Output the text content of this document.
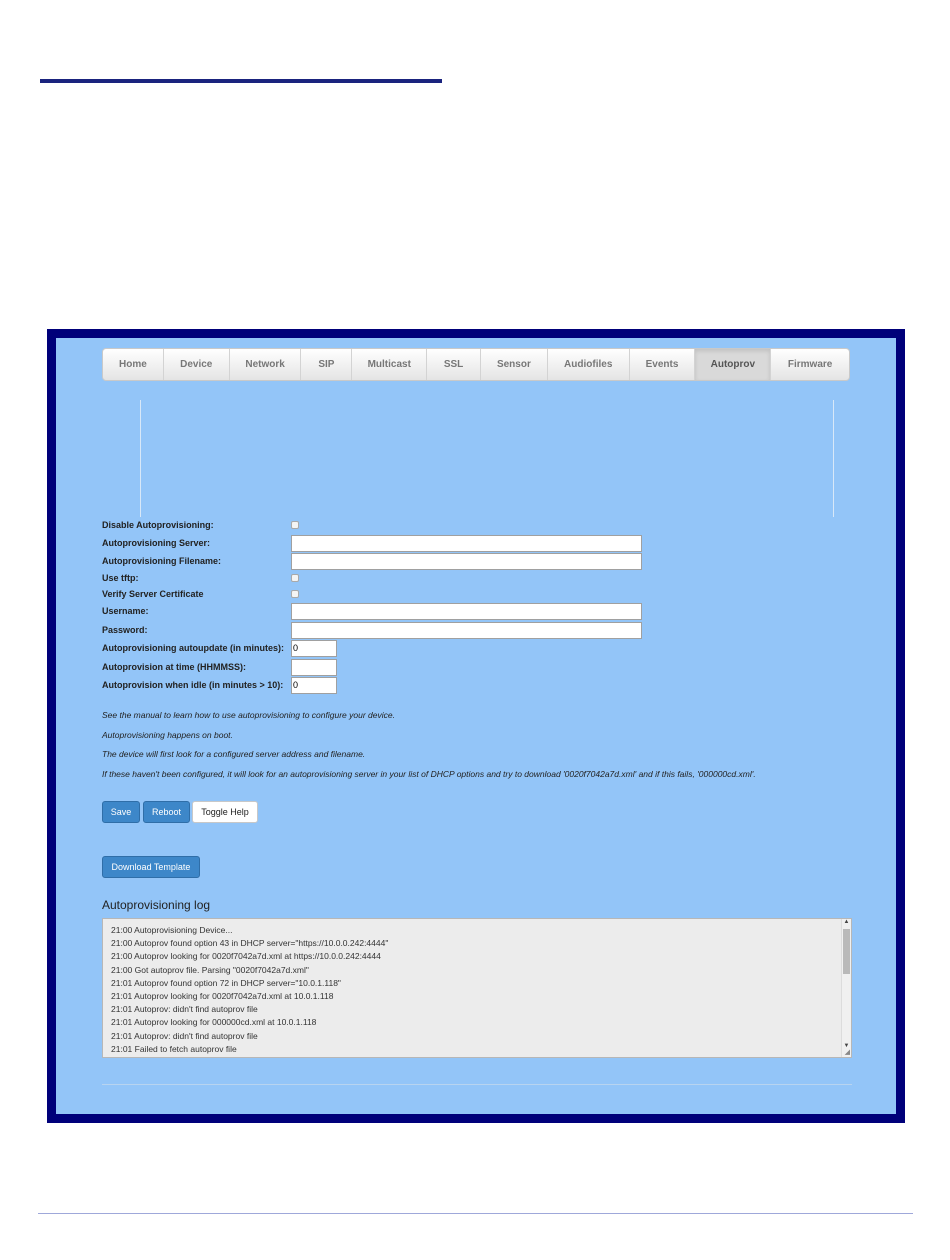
Home	Device	Network	SIP	Multicast	SSL	Sensor	Audiofiles	Events	Autoprov	Firmware
Disable Autoprovisioning:
Autoprovisioning Server:
Autoprovisioning Filename:
Use tftp:
Verify Server Certificate
Username:
Password:
Autoprovisioning autoupdate (in minutes):
0
Autoprovision at time (HHMMSS):
Autoprovision when idle (in minutes > 10):
0
See the manual to learn how to use autoprovisioning to configure your device.
Autoprovisioning happens on boot.
The device will first look for a configured server address and filename.
If these haven't been configured, it will look for an autoprovisioning server in your list of DHCP options and try to download '0020f7042a7d.xml' and if this fails, '000000cd.xml'.
Save	Reboot	Toggle Help
Download Template
Autoprovisioning log
21:00 Autoprovisioning Device...
21:00 Autoprov found option 43 in DHCP server="https://10.0.0.242:4444"
21:00 Autoprov looking for 0020f7042a7d.xml at https://10.0.0.242:4444
21:00 Got autoprov file. Parsing "0020f7042a7d.xml"
21:01 Autoprov found option 72 in DHCP server="10.0.1.118"
21:01 Autoprov looking for 0020f7042a7d.xml at 10.0.1.118
21:01 Autoprov: didn't find autoprov file
21:01 Autoprov looking for 000000cd.xml at 10.0.1.118
21:01 Autoprov: didn't find autoprov file
21:01 Failed to fetch autoprov file
▲
▼
◢
